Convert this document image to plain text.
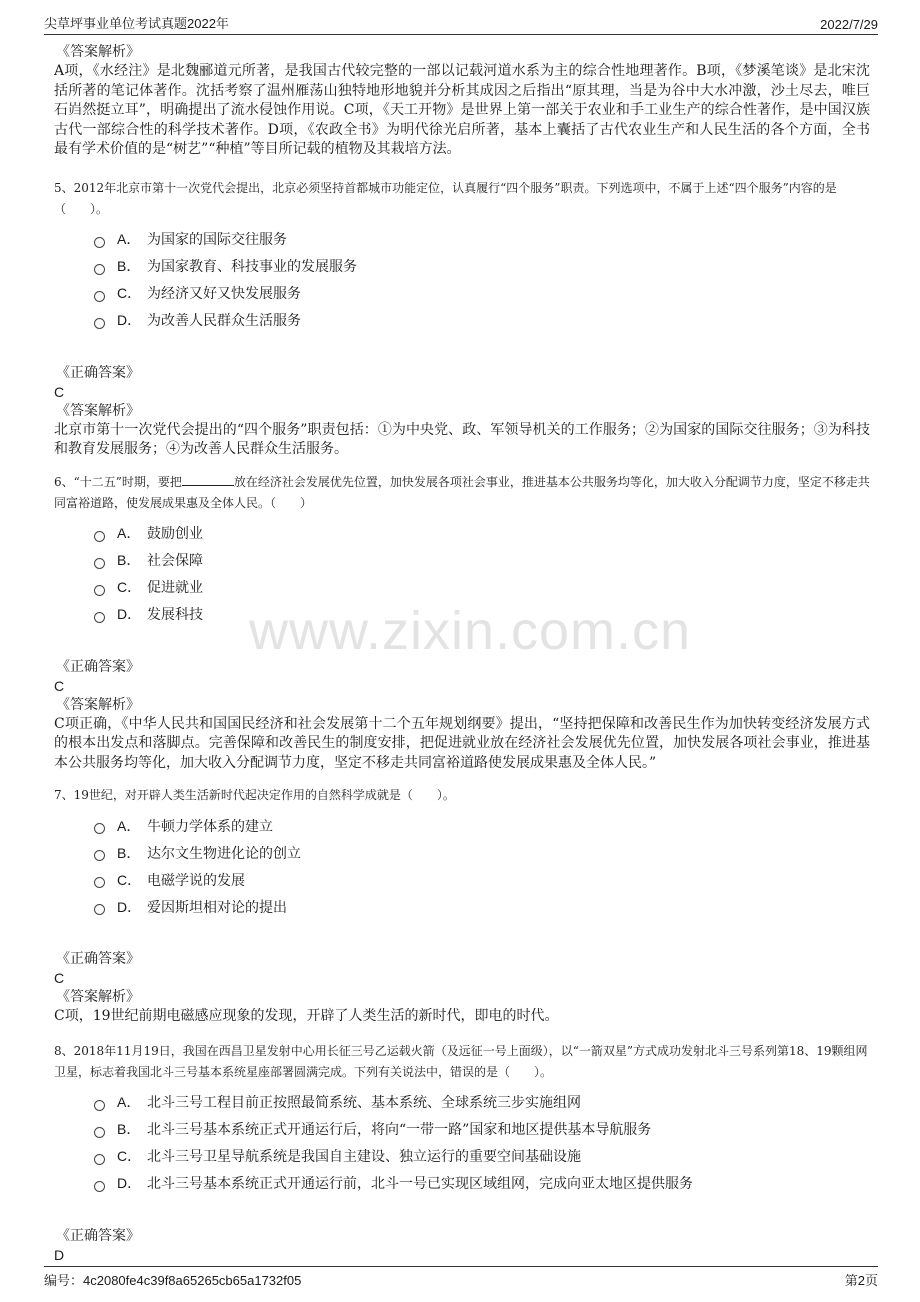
尖草坪事业单位考试真题2022年	2022/7/29
www.zixin.com.cn
《答案解析》
A项，《水经注》是北魏郦道元所著，是我国古代较完整的一部以记载河道水系为主的综合性地理著作。B项，《梦溪笔谈》是北宋沈括所著的笔记体著作。沈括考察了温州雁荡山独特地形地貌并分析其成因之后指出“原其理，当是为谷中大水冲激，沙土尽去，唯巨石岿然挺立耳”，明确提出了流水侵蚀作用说。C项，《天工开物》是世界上第一部关于农业和手工业生产的综合性著作，是中国汉族古代一部综合性的科学技术著作。D项，《农政全书》为明代徐光启所著，基本上囊括了古代农业生产和人民生活的各个方面，全书最有学术价值的是“树艺”“种植”等目所记载的植物及其栽培方法。
5、2012年北京市第十一次党代会提出，北京必须坚持首都城市功能定位，认真履行“四个服务”职责。下列选项中，不属于上述“四个服务”内容的是（　　）。
A． 为国家的国际交往服务
B． 为国家教育、科技事业的发展服务
C． 为经济又好又快发展服务
D． 为改善人民群众生活服务
《正确答案》
C
《答案解析》
北京市第十一次党代会提出的“四个服务”职责包括：①为中央党、政、军领导机关的工作服务；②为国家的国际交往服务；③为科技和教育发展服务；④为改善人民群众生活服务。
6、“十二五”时期，要把	放在经济社会发展优先位置，加快发展各项社会事业，推进基本公共服务均等化，加大收入分配调节力度，坚定不移走共同富裕道路，使发展成果惠及全体人民。（　　）
A． 鼓励创业
B． 社会保障
C． 促进就业
D． 发展科技
《正确答案》
C
《答案解析》
C项正确，《中华人民共和国国民经济和社会发展第十二个五年规划纲要》提出，“坚持把保障和改善民生作为加快转变经济发展方式的根本出发点和落脚点。完善保障和改善民生的制度安排，把促进就业放在经济社会发展优先位置，加快发展各项社会事业，推进基本公共服务均等化，加大收入分配调节力度，坚定不移走共同富裕道路使发展成果惠及全体人民。”
7、19世纪，对开辟人类生活新时代起决定作用的自然科学成就是（　　）。
A． 牛顿力学体系的建立
B． 达尔文生物进化论的创立
C． 电磁学说的发展
D． 爱因斯坦相对论的提出
《正确答案》
C
《答案解析》
C项，19世纪前期电磁感应现象的发现，开辟了人类生活的新时代，即电的时代。
8、2018年11月19日，我国在西昌卫星发射中心用长征三号乙运载火箭（及远征一号上面级），以“一箭双星”方式成功发射北斗三号系列第18、19颗组网卫星，标志着我国北斗三号基本系统星座部署圆满完成。下列有关说法中，错误的是（　　）。
A． 北斗三号工程目前正按照最简系统、基本系统、全球系统三步实施组网
B． 北斗三号基本系统正式开通运行后，将向“一带一路”国家和地区提供基本导航服务
C． 北斗三号卫星导航系统是我国自主建设、独立运行的重要空间基础设施
D． 北斗三号基本系统正式开通运行前，北斗一号已实现区域组网，完成向亚太地区提供服务
《正确答案》
D
编号：4c2080fe4c39f8a65265cb65a1732f05	第2页
